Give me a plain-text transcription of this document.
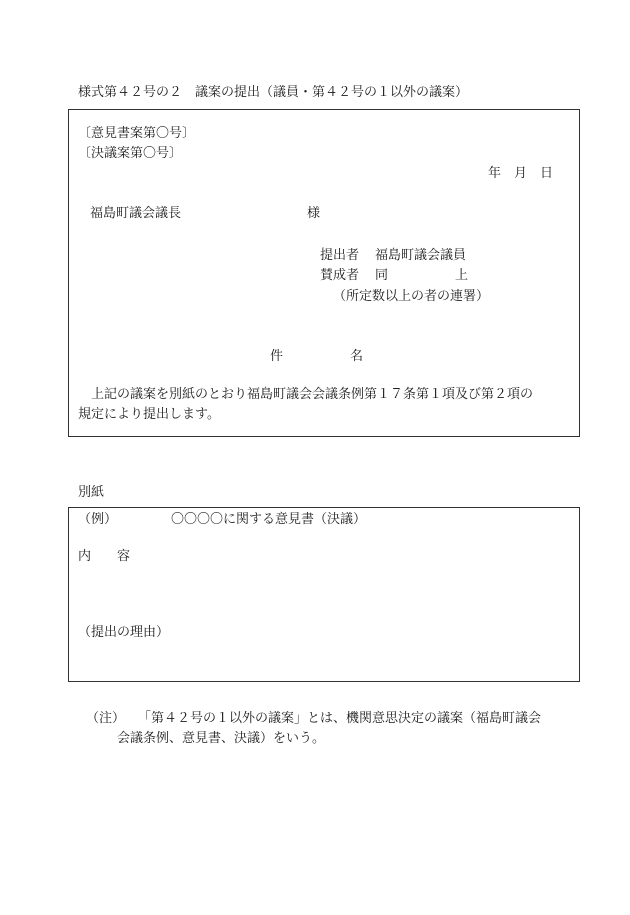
様式第４２号の２　議案の提出（議員・第４２号の１以外の議案）
〔意見書案第〇号〕
〔決議案第〇号〕
年　月　日
福島町議会議長	様
提出者 福島町議会議員
賛成者 同	上
（所定数以上の者の連署）
件	名
上記の議案を別紙のとおり福島町議会会議条例第１７条第１項及び第２項の
規定により提出します。
別紙
（例）	〇〇〇〇に関する意見書（決議）
内 容
（提出の理由）
（注） 「第４２号の１以外の議案」とは、機関意思決定の議案（福島町議会
会議条例、意見書、決議）をいう。
